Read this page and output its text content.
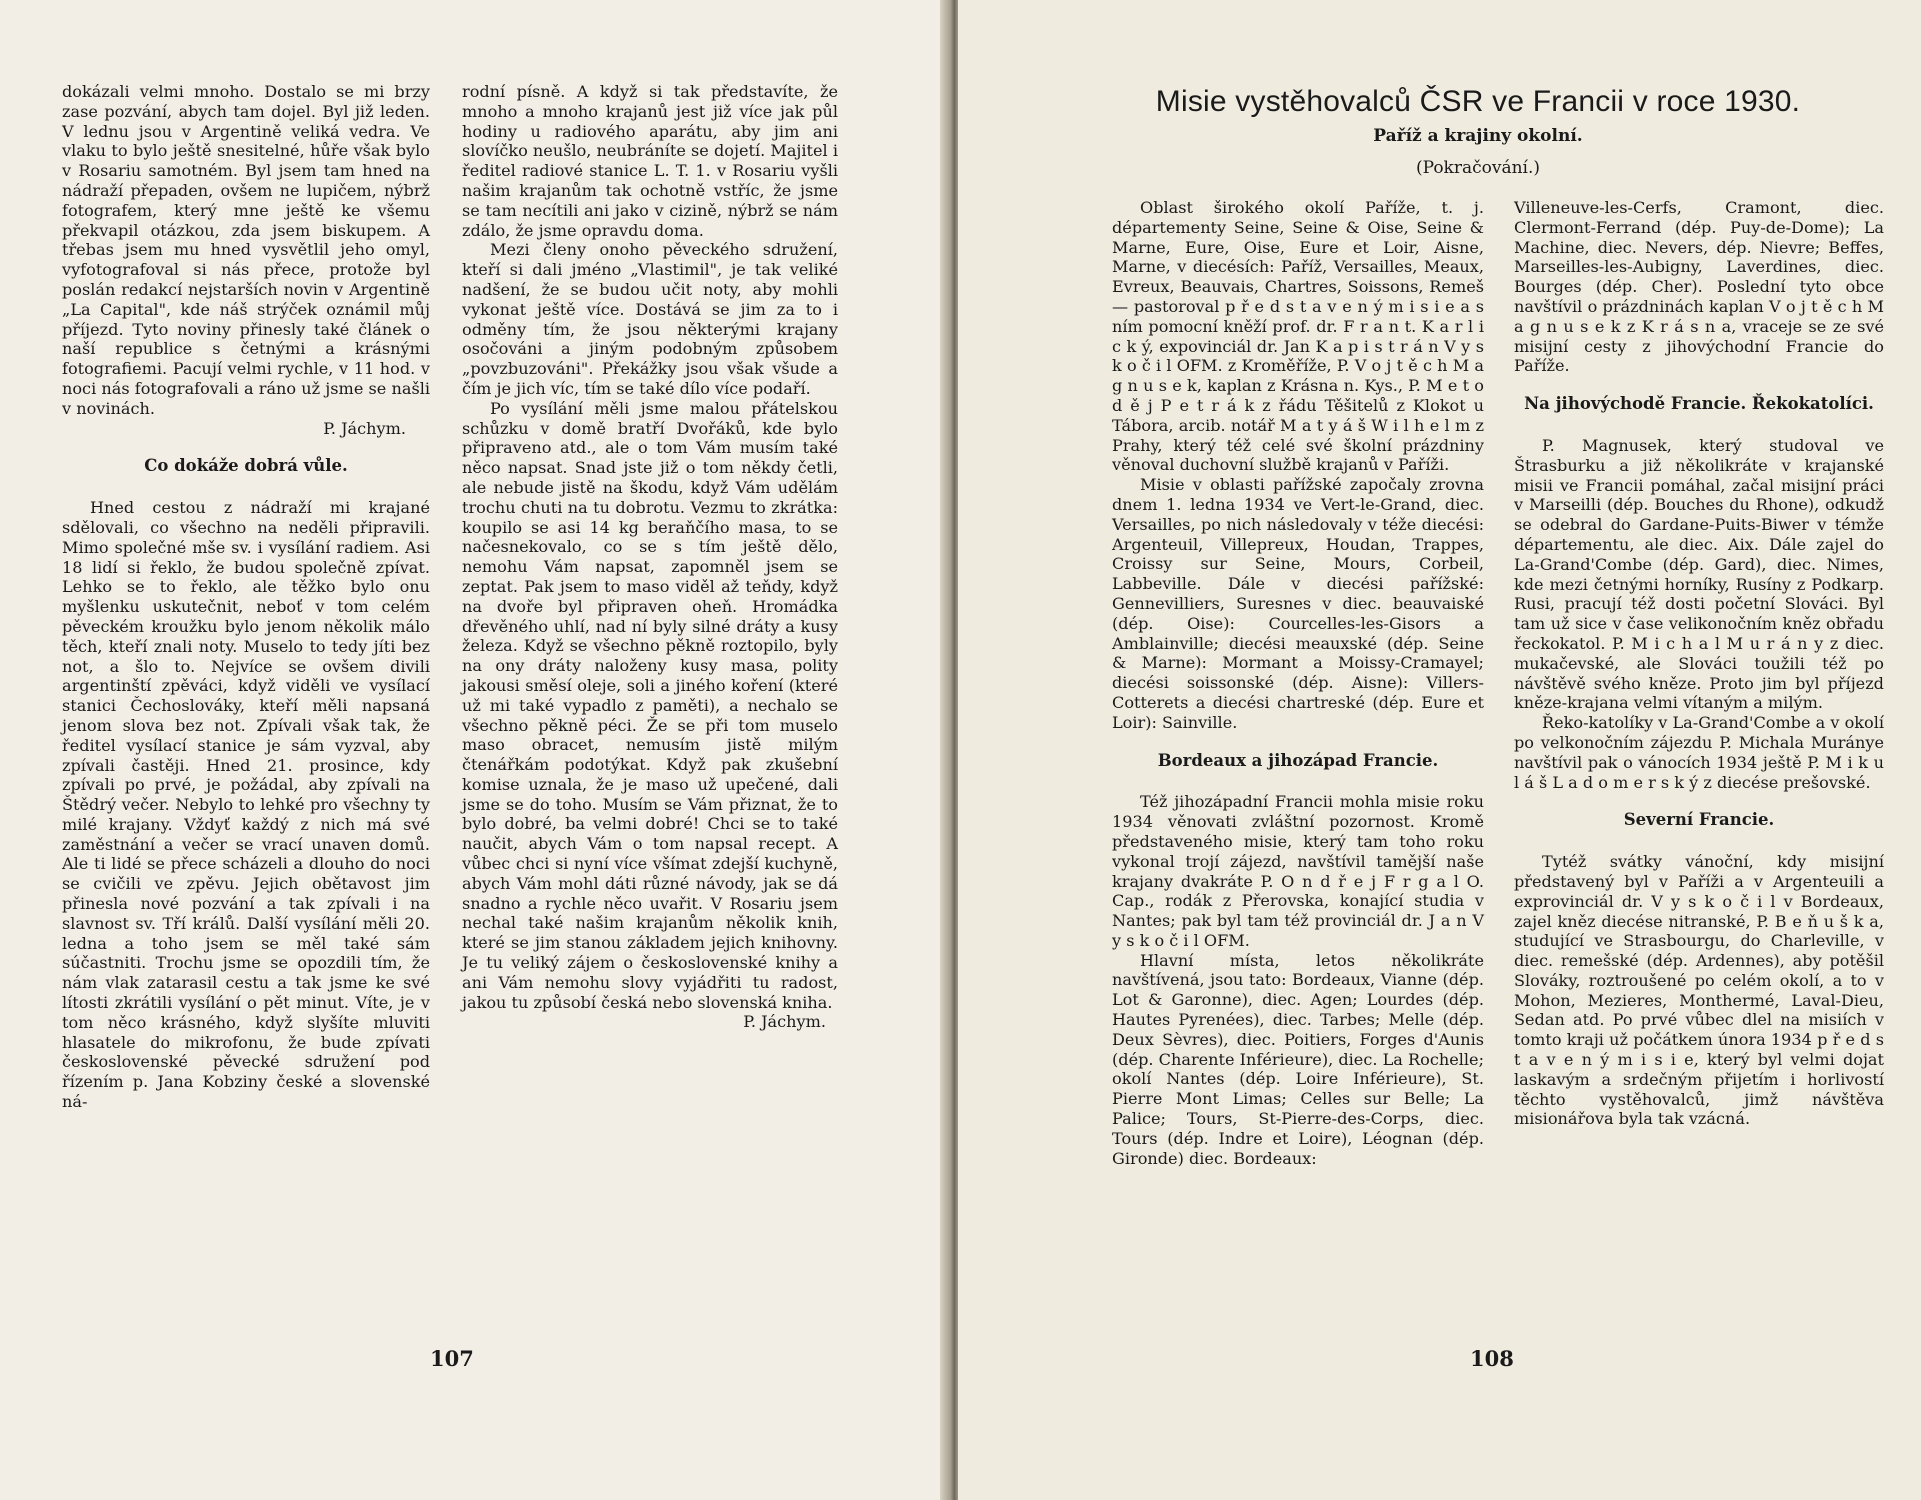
dokázali velmi mnoho. Dostalo se mi brzy zase pozvání, abych tam dojel. Byl již leden. V lednu jsou v Argentině veliká vedra. Ve vlaku to bylo ještě snesitelné, hůře však bylo v Rosariu samotném. Byl jsem tam hned na nádraží přepaden, ovšem ne lupičem, nýbrž fotografem, který mne ještě ke všemu překvapil otázkou, zda jsem biskupem. A třebas jsem mu hned vysvětlil jeho omyl, vyfotografoval si nás přece, protože byl poslán redakcí nejstarších novin v Argentině „La Capital", kde náš strýček oznámil můj příjezd. Tyto noviny přinesly také článek o naší republice s četnými a krásnými fotografiemi. Pacují velmi rychle, v 11 hod. v noci nás fotografovali a ráno už jsme se našli v novinách.

P. Jáchym.

Co dokáže dobrá vůle.

Hned cestou z nádraží mi krajané sdělovali, co všechno na neděli připravili. Mimo společné mše sv. i vysílání radiem. Asi 18 lidí si řeklo, že budou společně zpívat. Lehko se to řeklo, ale těžko bylo onu myšlenku uskutečnit, neboť v tom celém pěveckém kroužku bylo jenom několik málo těch, kteří znali noty. Muselo to tedy jíti bez not, a šlo to. Nejvíce se ovšem divili argentinští zpěváci, když viděli ve vysílací stanici Čechoslováky, kteří měli napsaná jenom slova bez not. Zpívali však tak, že ředitel vysílací stanice je sám vyzval, aby zpívali častěji. Hned 21. prosince, kdy zpívali po prvé, je požádal, aby zpívali na Štědrý večer. Nebylo to lehké pro všechny ty milé krajany. Vždyť každý z nich má své zaměstnání a večer se vrací unaven domů. Ale ti lidé se přece scházeli a dlouho do noci se cvičili ve zpěvu. Jejich obětavost jim přinesla nové pozvání a tak zpívali i na slavnost sv. Tří králů. Další vysílání měli 20. ledna a toho jsem se měl také sám súčastniti. Trochu jsme se opozdili tím, že nám vlak zatarasil cestu a tak jsme ke své lítosti zkrátili vysílání o pět minut. Víte, je v tom něco krásného, když slyšíte mluviti hlasatele do mikrofonu, že bude zpívati československé pěvecké sdružení pod řízením p. Jana Kobziny české a slovenské ná-

rodní písně. A když si tak představíte, že mnoho a mnoho krajanů jest již více jak půl hodiny u radiového aparátu, aby jim ani slovíčko neušlo, neubráníte se dojetí. Majitel i ředitel radiové stanice L. T. 1. v Rosariu vyšli našim krajanům tak ochotně vstříc, že jsme se tam necítili ani jako v cizině, nýbrž se nám zdálo, že jsme opravdu doma.

Mezi členy onoho pěveckého sdružení, kteří si dali jméno „Vlastimil", je tak veliké nadšení, že se budou učit noty, aby mohli vykonat ještě více. Dostává se jim za to i odměny tím, že jsou některými krajany osočováni a jiným podobným způsobem „povzbuzováni". Překážky jsou však všude a čím je jich víc, tím se také dílo více podaří.

Po vysílání měli jsme malou přátelskou schůzku v domě bratří Dvořáků, kde bylo připraveno atd., ale o tom Vám musím také něco napsat. Snad jste již o tom někdy četli, ale nebude jistě na škodu, když Vám udělám trochu chuti na tu dobrotu. Vezmu to zkrátka: koupilo se asi 14 kg beraňčího masa, to se načesnekovalo, co se s tím ještě dělo, nemohu Vám napsat, zapomněl jsem se zeptat. Pak jsem to maso viděl až teňdy, když na dvoře byl připraven oheň. Hromádka dřevěného uhlí, nad ní byly silné dráty a kusy železa. Když se všechno pěkně roztopilo, byly na ony dráty naloženy kusy masa, polity jakousi směsí oleje, soli a jiného koření (které už mi také vypadlo z paměti), a nechalo se všechno pěkně péci. Že se při tom muselo maso obracet, nemusím jistě milým čtenářkám podotýkat. Když pak zkušební komise uznala, že je maso už upečené, dali jsme se do toho. Musím se Vám přiznat, že to bylo dobré, ba velmi dobré! Chci se to také naučit, abych Vám o tom napsal recept. A vůbec chci si nyní více všímat zdejší kuchyně, abych Vám mohl dáti různé návody, jak se dá snadno a rychle něco uvařit. V Rosariu jsem nechal také našim krajanům několik knih, které se jim stanou základem jejich knihovny. Je tu veliký zájem o československé knihy a ani Vám nemohu slovy vyjádřiti tu radost, jakou tu způsobí česká nebo slovenská kniha.

P. Jáchym.

107	108
Misie vystěhovalců ČSR ve Francii v roce 1930.
Paříž a krajiny okolní.
(Pokračování.)

Oblast širokého okolí Paříže, t. j. départementy Seine, Seine & Oise, Seine & Marne, Eure, Oise, Eure et Loir, Aisne, Marne, v diecésích: Paříž, Versailles, Meaux, Evreux, Beauvais, Chartres, Soissons, Remeš — pastoroval p ř e d s t a v e n ý m i s i e a s ním pomocní kněží prof. dr. F r a n t. K a r l i c k ý, expovinciál dr. Jan K a p i s t r á n V y s k o č i l OFM. z Kroměříže, P. V o j t ě c h M a g n u s e k, kaplan z Krásna n. Kys., P. M e t o d ě j P e t r á k z řádu Těšitelů z Klokot u Tábora, arcib. notář M a t y á š W i l h e l m z Prahy, který též celé své školní prázdniny věnoval duchovní službě krajanů v Paříži.

Misie v oblasti pařížské započaly zrovna dnem 1. ledna 1934 ve Vert-le-Grand, diec. Versailles, po nich následovaly v téže diecési: Argenteuil, Villepreux, Houdan, Trappes, Croissy sur Seine, Mours, Corbeil, Labbeville. Dále v diecési pařížské: Gennevilliers, Suresnes v diec. beauvaiské (dép. Oise): Courcelles-les-Gisors a Amblainville; diecési meauxské (dép. Seine & Marne): Mormant a Moissy-Cramayel; diecési soissonské (dép. Aisne): Villers-Cotterets a diecési chartreské (dép. Eure et Loir): Sainville.

Bordeaux a jihozápad Francie.

Též jihozápadní Francii mohla misie roku 1934 věnovati zvláštní pozornost. Kromě představeného misie, který tam toho roku vykonal trojí zájezd, navštívil tamější naše krajany dvakráte P. O n d ř e j F r g a l O. Cap., rodák z Přerovska, konající studia v Nantes; pak byl tam též provinciál dr. J a n V y s k o č i l OFM.

Hlavní místa, letos několikráte navštívená, jsou tato: Bordeaux, Vianne (dép. Lot & Garonne), diec. Agen; Lourdes (dép. Hautes Pyrenées), diec. Tarbes; Melle (dép. Deux Sèvres), diec. Poitiers, Forges d'Aunis (dép. Charente Inférieure), diec. La Rochelle; okolí Nantes (dép. Loire Inférieure), St. Pierre Mont Limas; Celles sur Belle; La Palice; Tours, St-Pierre-des-Corps, diec. Tours (dép. Indre et Loire), Léognan (dép. Gironde) diec. Bordeaux:

Villeneuve-les-Cerfs, Cramont, diec. Clermont-Ferrand (dép. Puy-de-Dome); La Machine, diec. Nevers, dép. Nievre; Beffes, Marseilles-les-Aubigny, Laverdines, diec. Bourges (dép. Cher). Poslední tyto obce navštívil o prázdninách kaplan V o j t ě c h M a g n u s e k z K r á s n a, vraceje se ze své misijní cesty z jihovýchodní Francie do Paříže.

Na jihovýchodě Francie. Řekokatolíci.

P. Magnusek, který studoval ve Štrasburku a již několikráte v krajanské misii ve Francii pomáhal, začal misijní práci v Marseilli (dép. Bouches du Rhone), odkudž se odebral do Gardane-Puits-Biwer v témže départementu, ale diec. Aix. Dále zajel do La-Grand'Combe (dép. Gard), diec. Nimes, kde mezi četnými horníky, Rusíny z Podkarp. Rusi, pracují též dosti početní Slováci. Byl tam už sice v čase velikonočním kněz obřadu řeckokatol. P. M i c h a l M u r á n y z diec. mukačevské, ale Slováci toužili též po návštěvě svého kněze. Proto jim byl příjezd kněze-krajana velmi vítaným a milým.

Řeko-katolíky v La-Grand'Combe a v okolí po velkonočním zájezdu P. Michala Murányе navštívil pak o vánocích 1934 ještě P. M i k u l á š L a d o m e r s k ý z diecése prešovské.

Severní Francie.

Tytéž svátky vánoční, kdy misijní představený byl v Paříži a v Argenteuili a exprovinciál dr. V y s k o č i l v Bordeaux, zajel kněz diecése nitranské, P. B e ň u š k a, studující ve Strasbourgu, do Charleville, v diec. remešské (dép. Ardennes), aby potěšil Slováky, roztroušené po celém okolí, a to v Mohon, Mezieres, Monthermé, Laval-Dieu, Sedan atd. Po prvé vůbec dlel na misiích v tomto kraji už počátkem února 1934 p ř e d s t a v e n ý m i s i e, který byl velmi dojat laskavým a srdečným přijetím i horlivostí těchto vystěhovalců, jimž návštěva misionářova byla tak vzácná.
